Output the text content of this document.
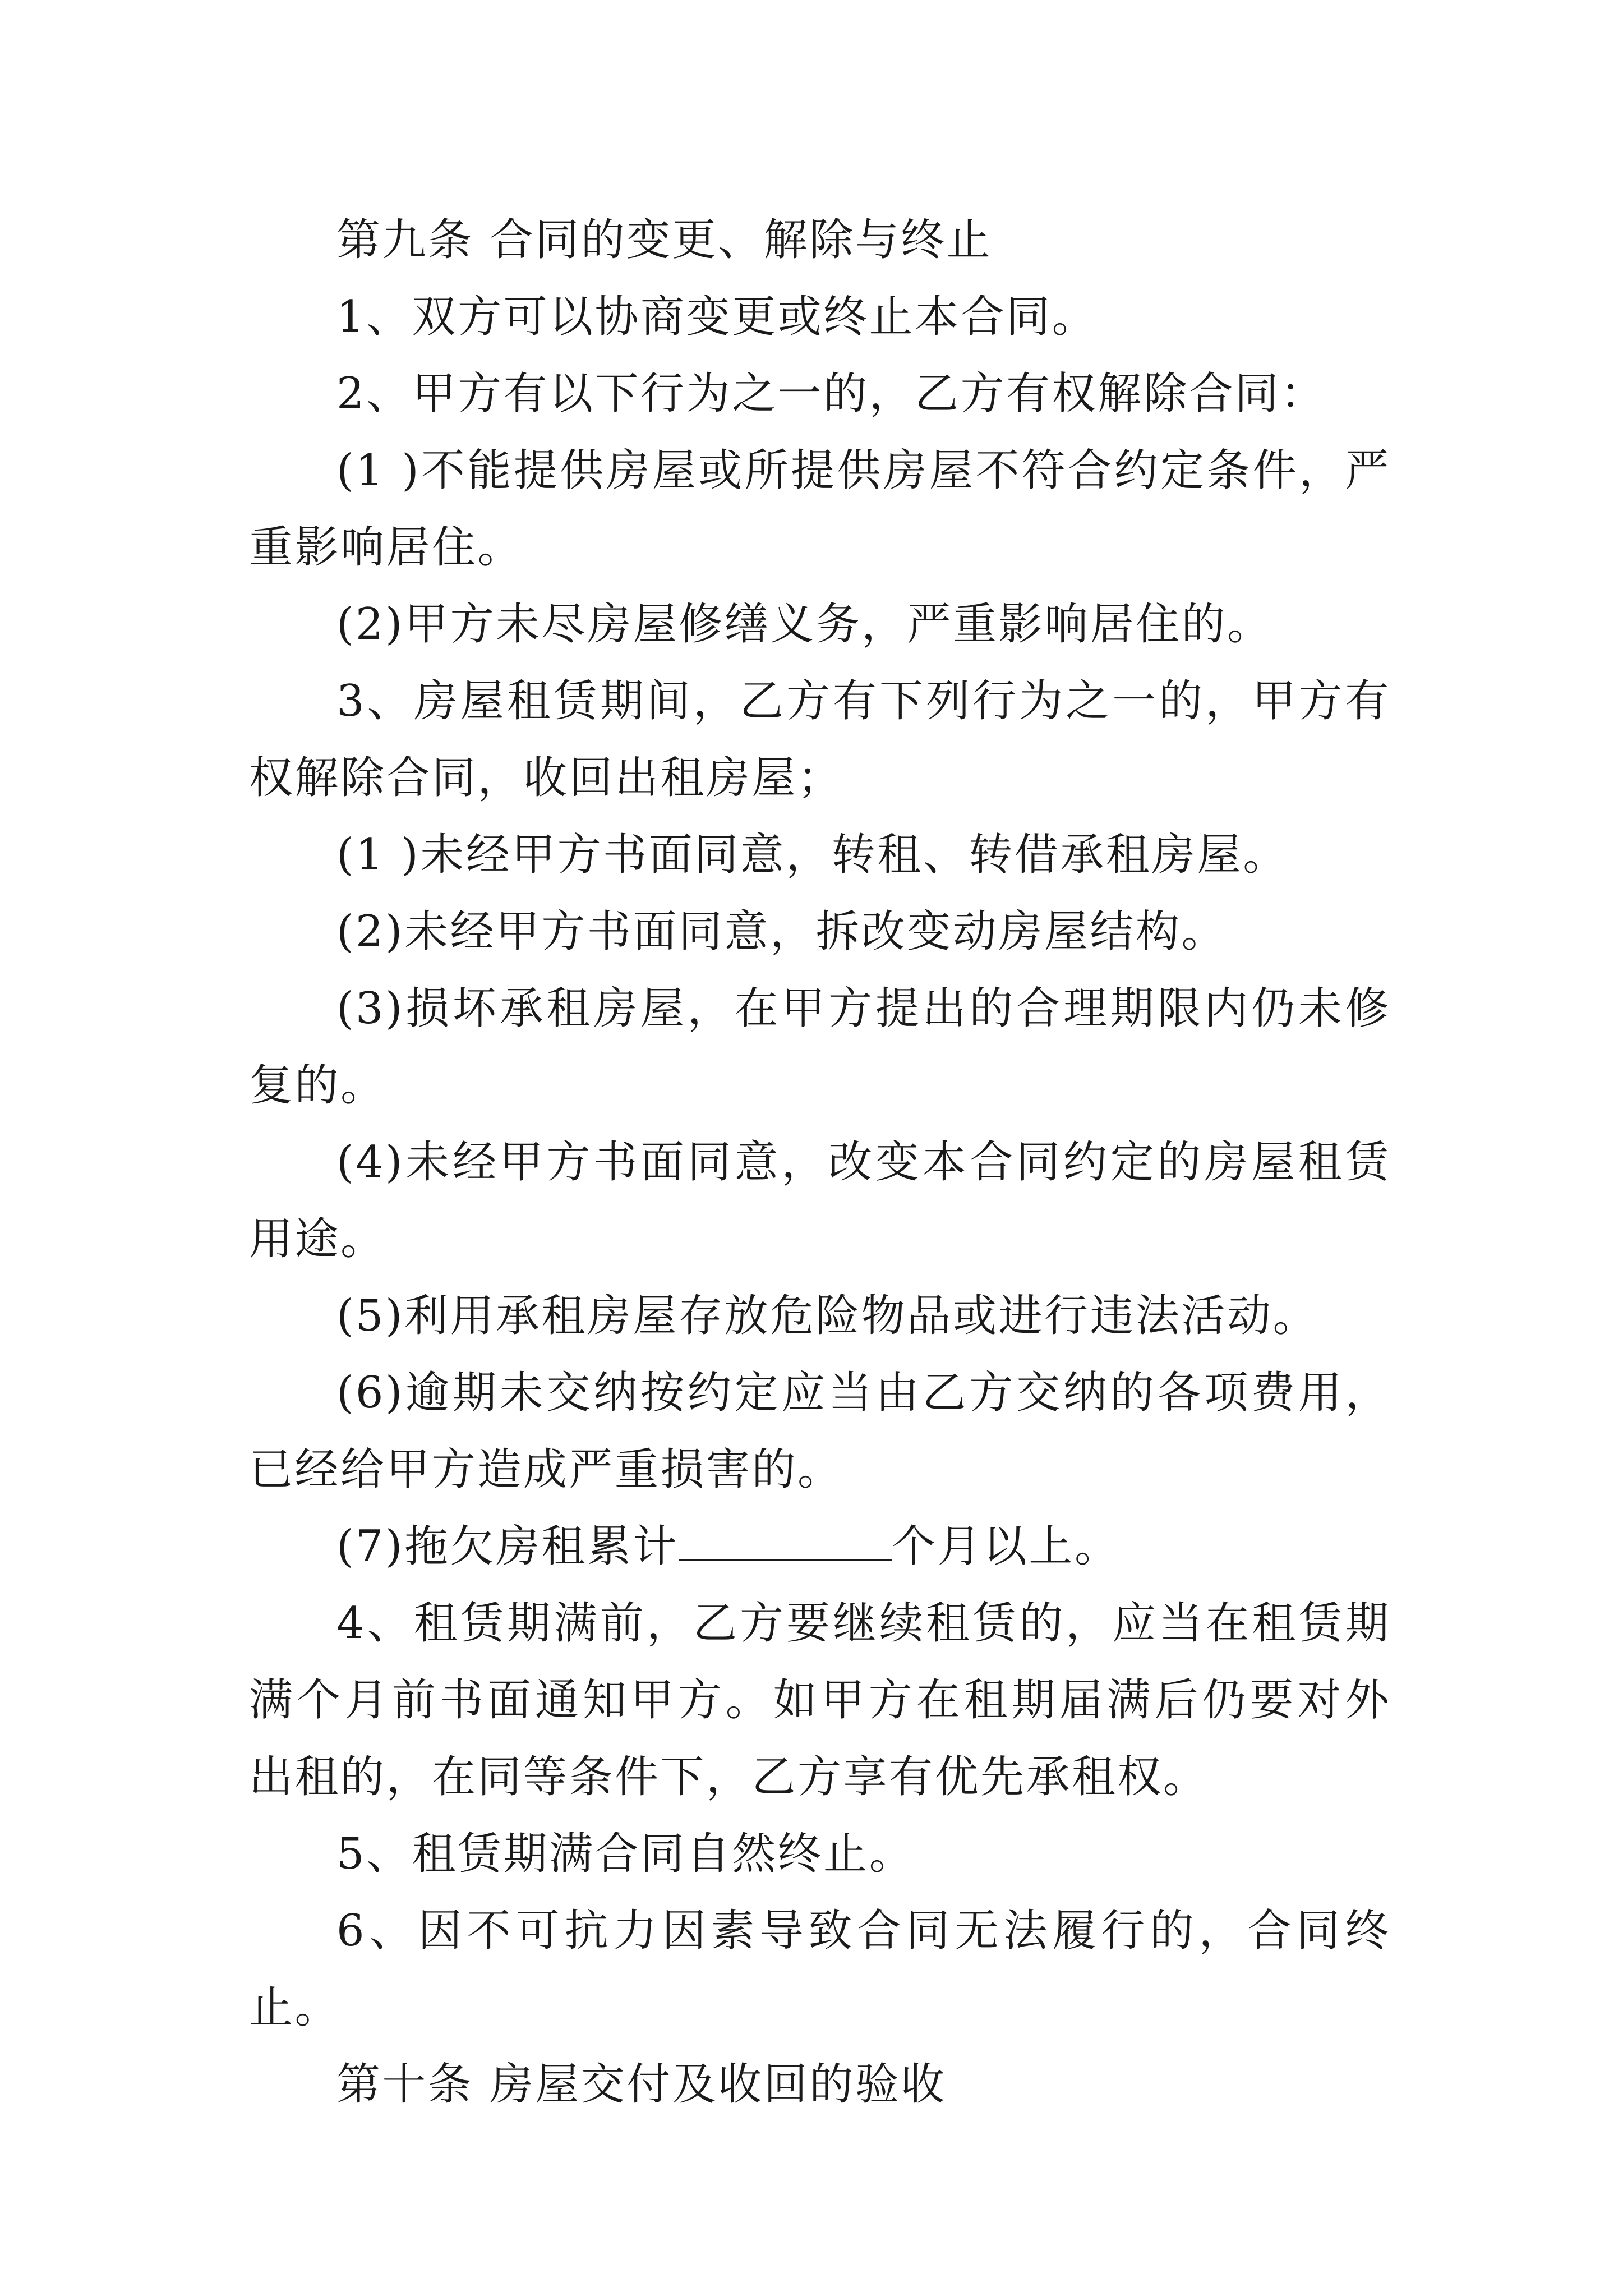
第九条 合同的变更、解除与终止

1、双方可以协商变更或终止本合同。

2、甲方有以下行为之一的，乙方有权解除合同：

(1 )不能提供房屋或所提供房屋不符合约定条件，严重影响居住。

(2)甲方未尽房屋修缮义务，严重影响居住的。

3、房屋租赁期间，乙方有下列行为之一的，甲方有权解除合同，收回出租房屋；

(1 )未经甲方书面同意，转租、转借承租房屋。

(2)未经甲方书面同意，拆改变动房屋结构。

(3)损坏承租房屋，在甲方提出的合理期限内仍未修复的。

(4)未经甲方书面同意，改变本合同约定的房屋租赁用途。

(5)利用承租房屋存放危险物品或进行违法活动。

(6)逾期未交纳按约定应当由乙方交纳的各项费用，已经给甲方造成严重损害的。

(7)拖欠房租累计	个月以上。

4、租赁期满前，乙方要继续租赁的，应当在租赁期满个月前书面通知甲方。如甲方在租期届满后仍要对外出租的，在同等条件下，乙方享有优先承租权。

5、租赁期满合同自然终止。

6、因不可抗力因素导致合同无法履行的，合同终止。

第十条 房屋交付及收回的验收
